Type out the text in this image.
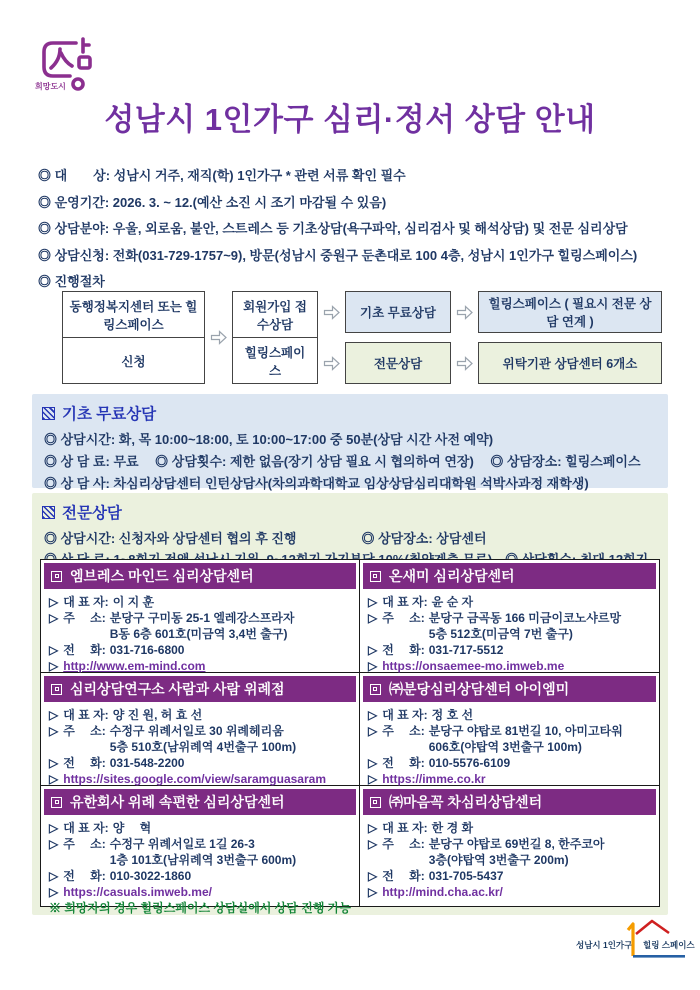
희망도시
성남시 1인가구 심리·정서 상담 안내
◎ 대　　상: 성남시 거주, 재직(학) 1인가구 * 관련 서류 확인 필수
◎ 운영기간: 2026. 3. ~ 12.(예산 소진 시 조기 마감될 수 있음)
◎ 상담분야: 우울, 외로움, 불안, 스트레스 등 기초상담(욕구파악, 심리검사 및 해석상담) 및 전문 심리상담
◎ 상담신청: 전화(031-729-1757~9), 방문(성남시 중원구 둔촌대로 100 4층, 성남시 1인가구 힐링스페이스)
◎ 진행절차
동행정복지센터 또는 힐링스페이스
신청
회원가입 접수상담
힐링스페이스
기초 무료상담
힐링스페이스 ( 필요시 전문 상담 연계 )
전문상담	위탁기관 상담센터 6개소
기초 무료상담
◎ 상담시간: 화, 목 10:00~18:00, 토 10:00~17:00 중 50분(상담 시간 사전 예약)
◎ 상 담 료: 무료　 ◎ 상담횟수: 제한 없음(장기 상담 필요 시 협의하여 연장)　 ◎ 상담장소: 힐링스페이스
◎ 상 담 사: 차심리상담센터 인턴상담사(차의과학대학교 임상상담심리대학원 석박사과정 재학생)
전문상담
◎ 상담시간: 신청자와 상담센터 협의 후 진행　　　　　◎ 상담장소: 상담센터
엠브레스 마인드 심리상담센터
▷ 대 표 자: 이 지 훈
▷ 주　 소: 분당구 구미동 25-1 엘레강스프라자
B동 6층 601호(미금역 3,4번 출구)
▷ 전　 화: 031-716-6800
▷ http://www.em-mind.com
온새미 심리상담센터
▷ 대 표 자: 윤 순 자
▷ 주　 소: 분당구 금곡동 166 미금이코노샤르망
5층 512호(미금역 7번 출구)
▷ 전　 화: 031-717-5512
▷ https://onsaemee-mo.imweb.me
심리상담연구소 사람과 사람 위례점
▷ 대 표 자: 양 진 원, 허 효 선
▷ 주　 소: 수정구 위례서일로 30 위례헤리움
5층 510호(남위례역 4번출구 100m)
▷ 전　 화: 031-548-2200
▷ https://sites.google.com/view/saramguasaram
㈜분당심리상담센터 아이엠미
▷ 대 표 자: 정 호 선
▷ 주　 소: 분당구 야탑로 81번길 10, 아미고타워
606호(야탑역 3번출구 100m)
▷ 전　 화: 010-5576-6109
▷ https://imme.co.kr
유한회사 위례 속편한 심리상담센터
▷ 대 표 자: 양　 혁
▷ 주　 소: 수정구 위례서일로 1길 26-3
1층 101호(남위례역 3번출구 600m)
▷ 전　 화: 010-3022-1860
▷ https://casuals.imweb.me/
※ 희망자의 경우 힐링스페이스 상담실에서 상담 진행 가능
㈜마음꼭 차심리상담센터
▷ 대 표 자: 한 경 화
▷ 주　 소: 분당구 야탑로 69번길 8, 한주코아
3층(야탑역 3번출구 200m)
▷ 전　 화: 031-705-5437
▷ http://mind.cha.ac.kr/
성남시 1인가구 힐링 스페이스
